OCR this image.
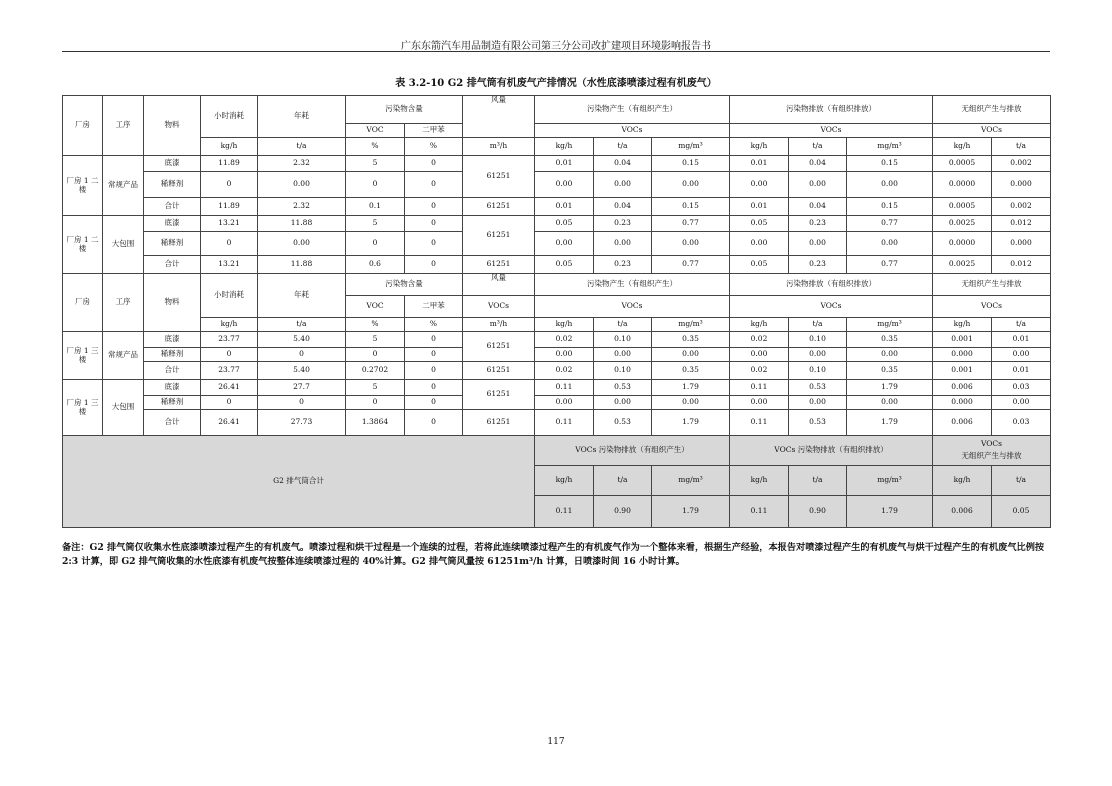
广东东箭汽车用品制造有限公司第三分公司改扩建项目环境影响报告书
表 3.2-10 G2 排气筒有机废气产排情况（水性底漆喷漆过程有机废气）
厂房	工序	物料	小时消耗	年耗	污染物含量		风量	污染物产生（有组织产生）			污染物排放（有组织排放）			无组织产生与排放	
					VOC	二甲苯		VOCs			VOCs			VOCs	
			kg/h	t/a	%	%	m³/h	kg/h	t/a	mg/m³	kg/h	t/a	mg/m³	kg/h	t/a
厂房 1 二楼	常规产品	底漆	11.89	2.32	5	0	61251	0.01	0.04	0.15	0.01	0.04	0.15	0.0005	0.002
		稀释剂	0	0.00	0	0		0.00	0.00	0.00	0.00	0.00	0.00	0.0000	0.000
		合计	11.89	2.32	0.1	0	61251	0.01	0.04	0.15	0.01	0.04	0.15	0.0005	0.002
厂房 1 二楼	大包围	底漆	13.21	11.88	5	0	61251	0.05	0.23	0.77	0.05	0.23	0.77	0.0025	0.012
		稀释剂	0	0.00	0	0		0.00	0.00	0.00	0.00	0.00	0.00	0.0000	0.000
		合计	13.21	11.88	0.6	0	61251	0.05	0.23	0.77	0.05	0.23	0.77	0.0025	0.012
厂房	工序	物料	小时消耗	年耗	污染物含量		风量	污染物产生（有组织产生）			污染物排放（有组织排放）			无组织产生与排放	
					VOC	二甲苯	VOCs	VOCs			VOCs			VOCs	
			kg/h	t/a	%	%	m³/h	kg/h	t/a	mg/m³	kg/h	t/a	mg/m³	kg/h	t/a
厂房 1 三楼	常规产品	底漆	23.77	5.40	5	0	61251	0.02	0.10	0.35	0.02	0.10	0.35	0.001	0.01
		稀释剂	0	0	0	0		0.00	0.00	0.00	0.00	0.00	0.00	0.000	0.00
		合计	23.77	5.40	0.2702	0	61251	0.02	0.10	0.35	0.02	0.10	0.35	0.001	0.01
厂房 1 三楼	大包围	底漆	26.41	27.7	5	0	61251	0.11	0.53	1.79	0.11	0.53	1.79	0.006	0.03
		稀释剂	0	0	0	0		0.00	0.00	0.00	0.00	0.00	0.00	0.000	0.00
		合计	26.41	27.73	1.3864	0	61251	0.11	0.53	1.79	0.11	0.53	1.79	0.006	0.03
G2 排气筒合计								VOCs 污染物排放（有组织产生）			VOCs 污染物排放（有组织排放）			VOCs
无组织产生与排放	

								kg/h	t/a	mg/m³	kg/h	t/a	mg/m³	kg/h	t/a
								0.11	0.90	1.79	0.11	0.90	1.79	0.006	0.05
备注：G2 排气筒仅收集水性底漆喷漆过程产生的有机废气。喷漆过程和烘干过程是一个连续的过程，若将此连续喷漆过程产生的有机废气作为一个整体来看，根据生产经验，本报告对喷漆过程产生的有机废气与烘干过程产生的有机废气比例按 2:3 计算，即 G2 排气筒收集的水性底漆有机废气按整体连续喷漆过程的 40%计算。G2 排气筒风量按 61251m³/h 计算，日喷漆时间 16 小时计算。
117
